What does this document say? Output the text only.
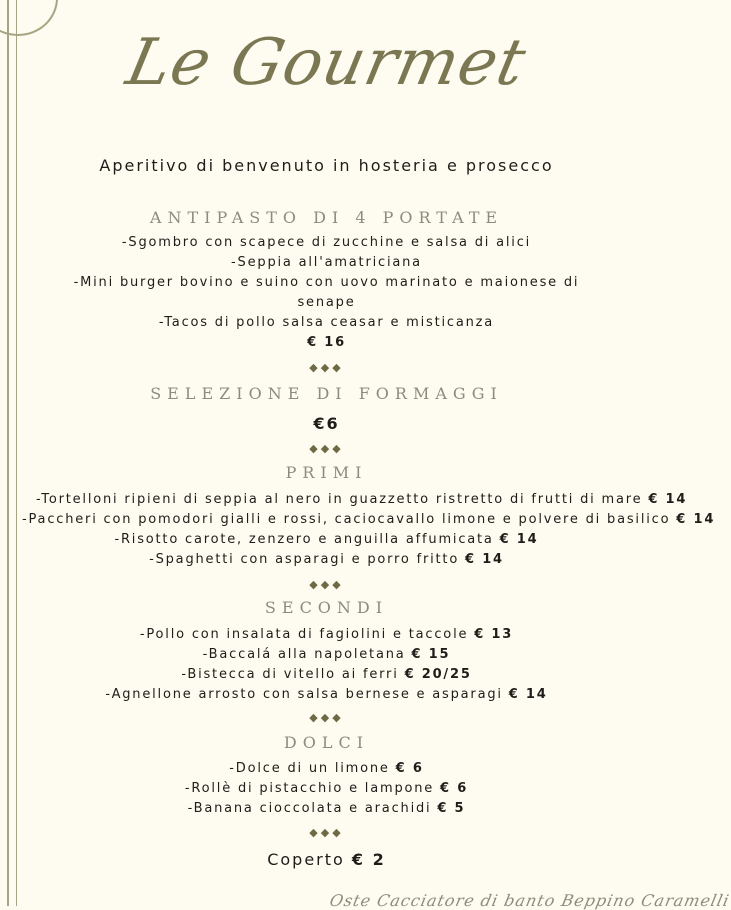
Le Gourmet
Aperitivo di benvenuto in hosteria e prosecco
ANTIPASTO DI 4 PORTATE
-Sgombro con scapece di zucchine e salsa di alici
-Seppia all'amatriciana
-Mini burger bovino e suino con uovo marinato e maionese di
senape
-Tacos di pollo salsa ceasar e misticanza
€ 16
◆◆◆
SELEZIONE DI FORMAGGI
€6
◆◆◆
PRIMI
-Tortelloni ripieni di seppia al nero in guazzetto ristretto di frutti di mare € 14
-Paccheri con pomodori gialli e rossi, caciocavallo limone e polvere di basilico € 14
-Risotto carote, zenzero e anguilla affumicata € 14
-Spaghetti con asparagi e porro fritto € 14
◆◆◆
SECONDI
-Pollo con insalata di fagiolini e taccole € 13
-Baccalá alla napoletana € 15
-Bistecca di vitello ai ferri € 20/25
-Agnellone arrosto con salsa bernese e asparagi € 14
◆◆◆
DOLCI
-Dolce di un limone € 6
-Rollè di pistacchio e lampone € 6
-Banana cioccolata e arachidi € 5
◆◆◆
Coperto € 2
Oste Cacciatore di banto Beppino Caramelli
